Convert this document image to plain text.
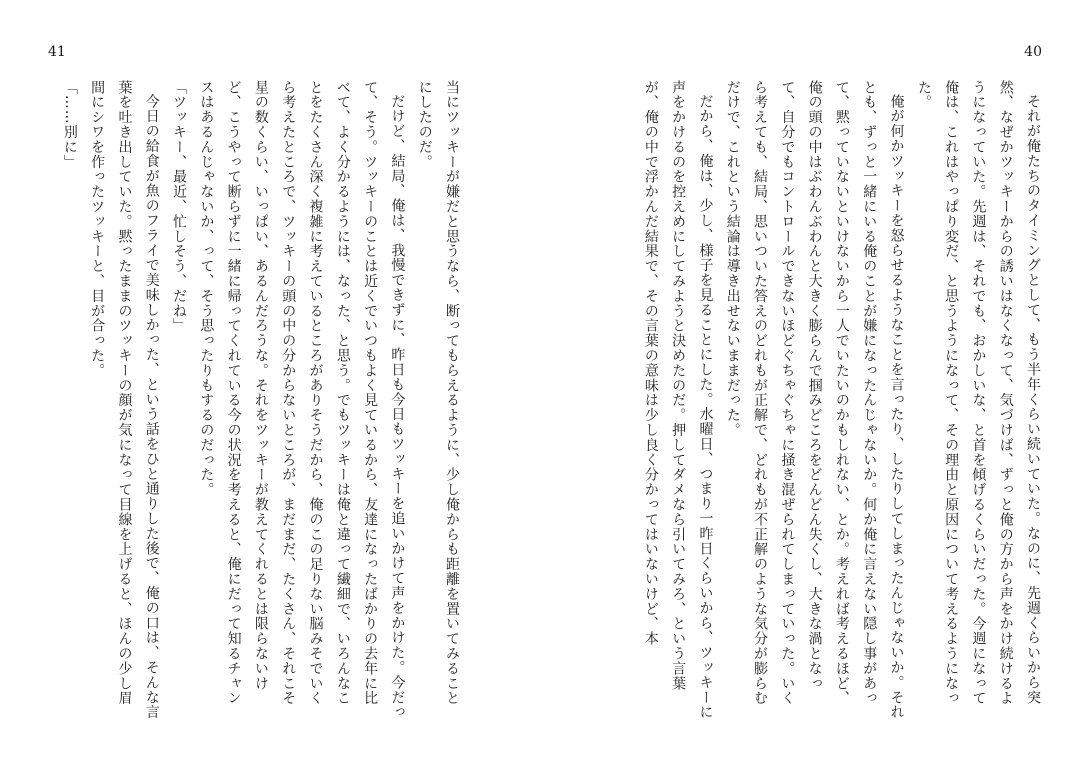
40
41

それが俺たちのタイミングとして、もう半年くらい続いていた。なのに、先週くらいから突然、なぜかツッキーからの誘いはなくなって、気づけば、ずっと俺の方から声をかけ続けるようになっていた。先週は、それでも、おかしいな、と首を傾げるくらいだった。今週になって俺は、これはやっぱり変だ、と思うようになって、その理由と原因について考えるようになった。

俺が何かツッキーを怒らせるようなことを言ったり、したりしてしまったんじゃないか。それとも、ずっと一緒にいる俺のことが嫌になったんじゃないか。何か俺に言えない隠し事があって、黙っていないといけないから一人でいたいのかもしれない、とか。考えれば考えるほど、俺の頭の中はぶわんぶわんと大きく膨らんで掴みどころをどんどん失くし、大きな渦となって、自分でもコントロールできないほどぐちゃぐちゃに掻き混ぜられてしまっていった。いくら考えても、結局、思いついた答えのどれもが正解で、どれもが不正解のような気分が膨らむだけで、これという結論は導き出せないままだった。

だから、俺は、少し、様子を見ることにした。水曜日、つまり一昨日くらいから、ツッキーに声をかけるのを控えめにしてみようと決めたのだ。押してダメなら引いてみろ、という言葉が、俺の中で浮かんだ結果で、その言葉の意味は少し良く分かってはいないけど、本

当にツッキーが嫌だと思うなら、断ってもらえるように、少し俺からも距離を置いてみることにしたのだ。

だけど、結局、俺は、我慢できずに、昨日も今日もツッキーを追いかけて声をかけた。今だって、そう。ツッキーのことは近くでいつもよく見ているから、友達になったばかりの去年に比べて、よく分かるようには、なった、と思う。でもツッキーは俺と違って繊細で、いろんなことをたくさん深く複雑に考えているところがありそうだから、俺のこの足りない脳みそでいくら考えたところで、ツッキーの頭の中の分からないところが、まだまだ、たくさん、それこそ星の数くらい、いっぱい、あるんだろうな。それをツッキーが教えてくれるとは限らないけど、こうやって断らずに一緒に帰ってくれている今の状況を考えると、俺にだって知るチャンスはあるんじゃないか、って、そう思ったりもするのだった。

「ツッキー、最近、忙しそう、だね」

今日の給食が魚のフライで美味しかった、という話をひと通りした後で、俺の口は、そんな言葉を吐き出していた。黙ったままのツッキーの顔が気になって目線を上げると、ほんの少し眉間にシワを作ったツッキーと、目が合った。

「……別に」
